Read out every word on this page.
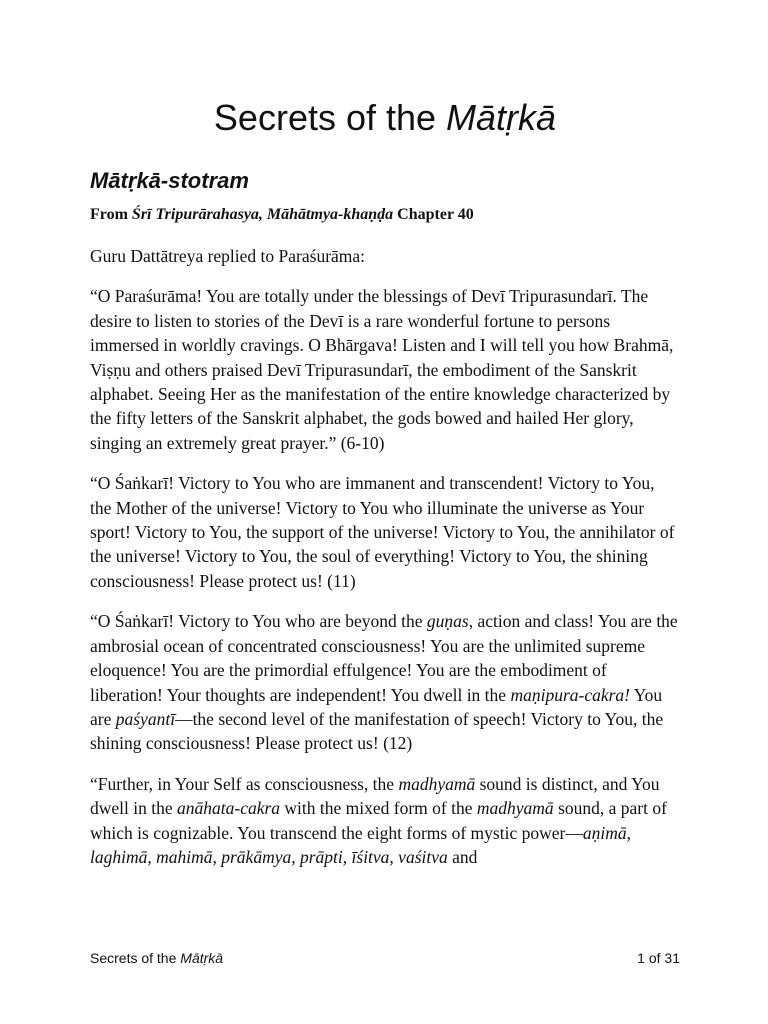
Secrets of the Mātṛkā
Mātṛkā-stotram
From Śrī Tripurārahasya, Māhātmya-khaṇḍa Chapter 40

Guru Dattātreya replied to Paraśurāma:

“O Paraśurāma! You are totally under the blessings of Devī Tripurasundarī. The desire to listen to stories of the Devī is a rare wonderful fortune to persons immersed in worldly cravings. O Bhārgava! Listen and I will tell you how Brahmā, Viṣṇu and others praised Devī Tripurasundarī, the embodiment of the Sanskrit alphabet. Seeing Her as the manifestation of the entire knowledge characterized by the fifty letters of the Sanskrit alphabet, the gods bowed and hailed Her glory, singing an extremely great prayer.” (6-10)

“O Śaṅkarī! Victory to You who are immanent and transcendent! Victory to You, the Mother of the universe! Victory to You who illuminate the universe as Your sport! Victory to You, the support of the universe! Victory to You, the annihilator of the universe! Victory to You, the soul of everything! Victory to You, the shining consciousness! Please protect us! (11)

“O Śaṅkarī! Victory to You who are beyond the guṇas, action and class! You are the ambrosial ocean of concentrated consciousness! You are the unlimited supreme eloquence! You are the primordial effulgence! You are the embodiment of liberation! Your thoughts are independent! You dwell in the maṇipura-cakra! You are paśyantī—the second level of the manifestation of speech! Victory to You, the shining consciousness! Please protect us! (12)

“Further, in Your Self as consciousness, the madhyamā sound is distinct, and You dwell in the anāhata-cakra with the mixed form of the madhyamā sound, a part of which is cognizable. You transcend the eight forms of mystic power—aṇimā, laghimā, mahimā, prākāmya, prāpti, īśitva, vaśitva and

Secrets of the Mātṛkā	1 of 31
